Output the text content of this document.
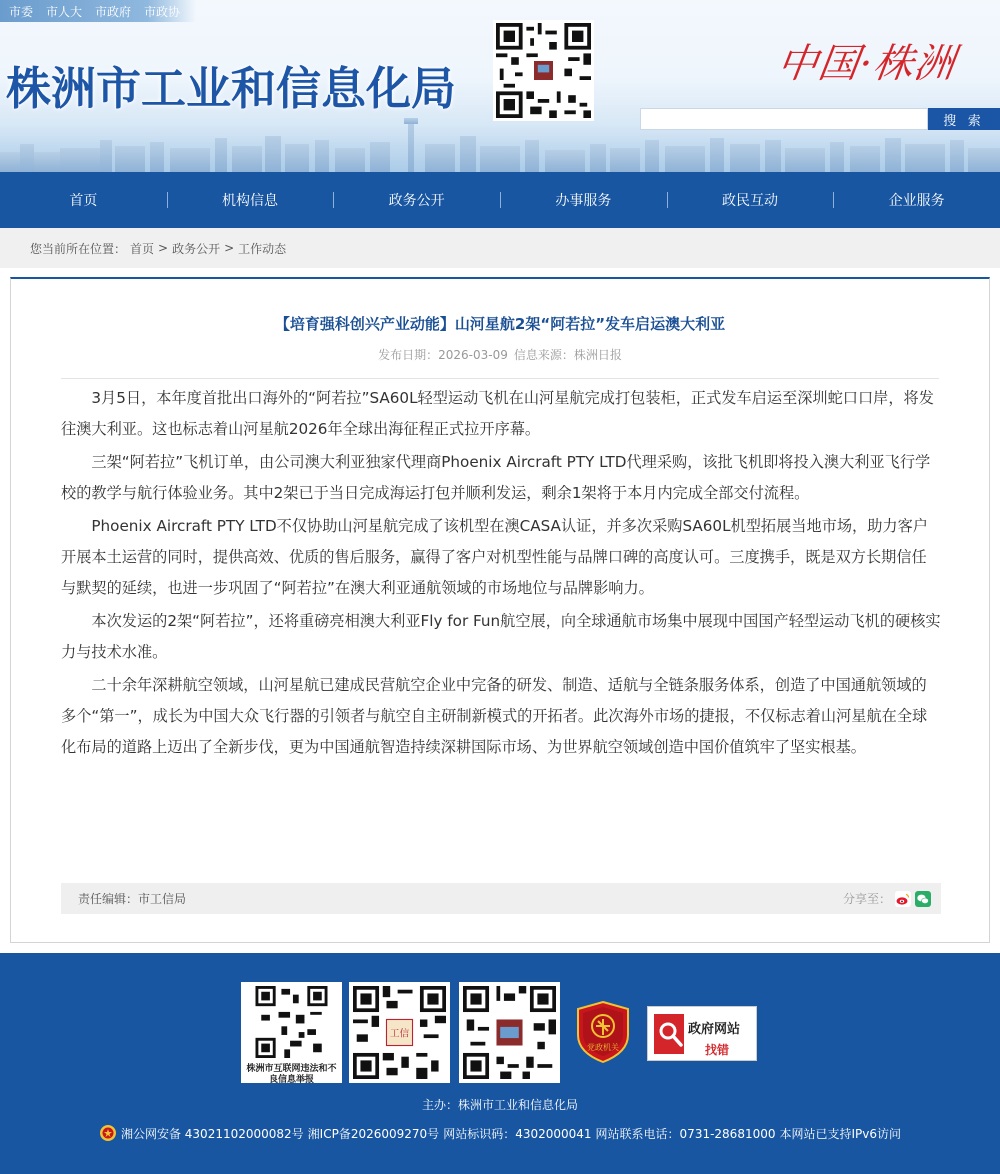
市委 市人大 市政府 市政协
株洲市工业和信息化局	中国·株洲
搜 索
首页	机构信息	政务公开	办事服务	政民互动	企业服务
您当前所在位置： 首页 > 政务公开 > 工作动态
【培育强科创兴产业动能】山河星航2架“阿若拉”发车启运澳大利亚
发布日期：2026-03-09 信息来源：株洲日报

3月5日，本年度首批出口海外的“阿若拉”SA60L轻型运动飞机在山河星航完成打包装柜，正式发车启运至深圳蛇口口岸，将发往澳大利亚。这也标志着山河星航2026年全球出海征程正式拉开序幕。

三架“阿若拉”飞机订单，由公司澳大利亚独家代理商Phoenix Aircraft PTY LTD代理采购，该批飞机即将投入澳大利亚飞行学校的教学与航行体验业务。其中2架已于当日完成海运打包并顺利发运，剩余1架将于本月内完成全部交付流程。

Phoenix Aircraft PTY LTD不仅协助山河星航完成了该机型在澳CASA认证，并多次采购SA60L机型拓展当地市场，助力客户开展本土运营的同时，提供高效、优质的售后服务，赢得了客户对机型性能与品牌口碑的高度认可。三度携手，既是双方长期信任与默契的延续，也进一步巩固了“阿若拉”在澳大利亚通航领域的市场地位与品牌影响力。

本次发运的2架“阿若拉”，还将重磅亮相澳大利亚Fly for Fun航空展，向全球通航市场集中展现中国国产轻型运动飞机的硬核实力与技术水准。

二十余年深耕航空领域，山河星航已建成民营航空企业中完备的研发、制造、适航与全链条服务体系，创造了中国通航领域的多个“第一”，成长为中国大众飞行器的引领者与航空自主研制新模式的开拓者。此次海外市场的捷报，不仅标志着山河星航在全球化布局的道路上迈出了全新步伐，更为中国通航智造持续深耕国际市场、为世界航空领域创造中国价值筑牢了坚实根基。

责任编辑：市工信局	分享至：
株洲市互联网违法和不良信息举报
工信
党政机关
政府网站
找错
主办：株洲市工业和信息化局
湘公网安备 43021102000082号 湘ICP备2026009270号 网站标识码：4302000041 网站联系电话：0731-28681000 本网站已支持IPv6访问
